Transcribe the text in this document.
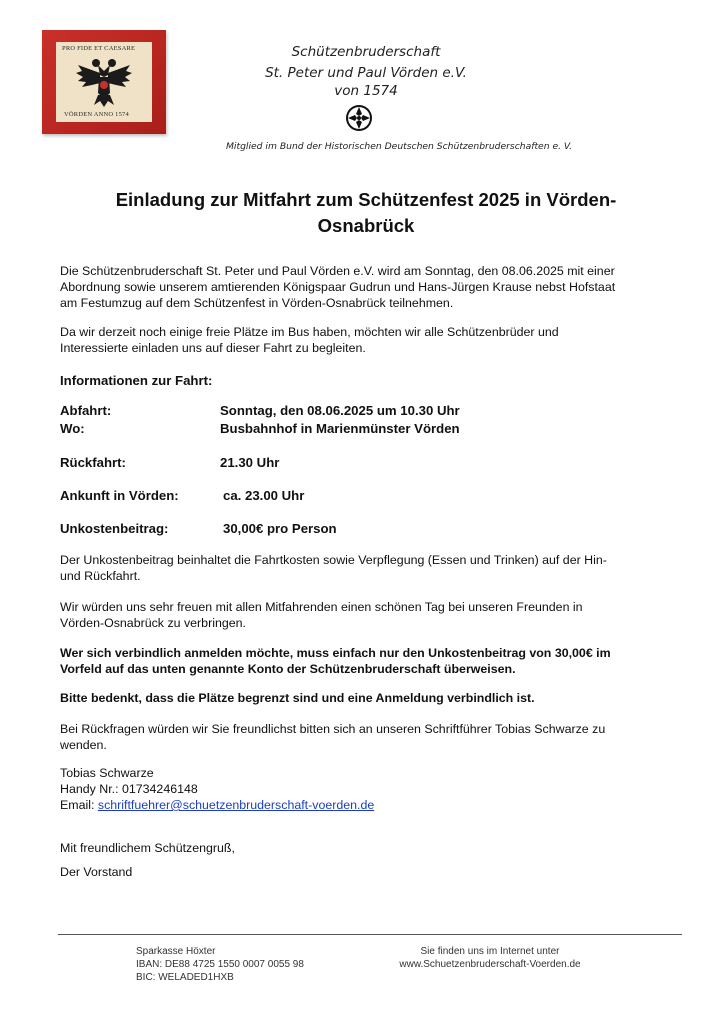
PRO FIDE ET CAESARE
VÖRDEN ANNO 1574
Schützenbruderschaft
St. Peter und Paul Vörden e.V.
von 1574
Mitglied im Bund der Historischen Deutschen Schützenbruderschaften e. V.
Einladung zur Mitfahrt zum Schützenfest 2025 in Vörden-
Osnabrück
Die Schützenbruderschaft St. Peter und Paul Vörden e.V. wird am Sonntag, den 08.06.2025 mit einer
Abordnung sowie unserem amtierenden Königspaar Gudrun und Hans-Jürgen Krause nebst Hofstaat
am Festumzug auf dem Schützenfest in Vörden-Osnabrück teilnehmen.
Da wir derzeit noch einige freie Plätze im Bus haben, möchten wir alle Schützenbrüder und
Interessierte einladen uns auf dieser Fahrt zu begleiten.
Informationen zur Fahrt:
Abfahrt:	Sonntag, den 08.06.2025 um 10.30 Uhr
Wo:	Busbahnhof in Marienmünster Vörden
Rückfahrt:	21.30 Uhr
Ankunft in Vörden:	ca. 23.00 Uhr
Unkostenbeitrag:	30,00€ pro Person
Der Unkostenbeitrag beinhaltet die Fahrtkosten sowie Verpflegung (Essen und Trinken) auf der Hin-
und Rückfahrt.
Wir würden uns sehr freuen mit allen Mitfahrenden einen schönen Tag bei unseren Freunden in
Vörden-Osnabrück zu verbringen.
Wer sich verbindlich anmelden möchte, muss einfach nur den Unkostenbeitrag von 30,00€ im
Vorfeld auf das unten genannte Konto der Schützenbruderschaft überweisen.
Bitte bedenkt, dass die Plätze begrenzt sind und eine Anmeldung verbindlich ist.
Bei Rückfragen würden wir Sie freundlichst bitten sich an unseren Schriftführer Tobias Schwarze zu
wenden.
Tobias Schwarze
Handy Nr.: 01734246148
Email: schriftfuehrer@schuetzenbruderschaft-voerden.de
Mit freundlichem Schützengruß,
Der Vorstand
Sparkasse Höxter
IBAN: DE88 4725 1550 0007 0055 98
BIC: WELADED1HXB
Sie finden uns im Internet unter
www.Schuetzenbruderschaft-Voerden.de
